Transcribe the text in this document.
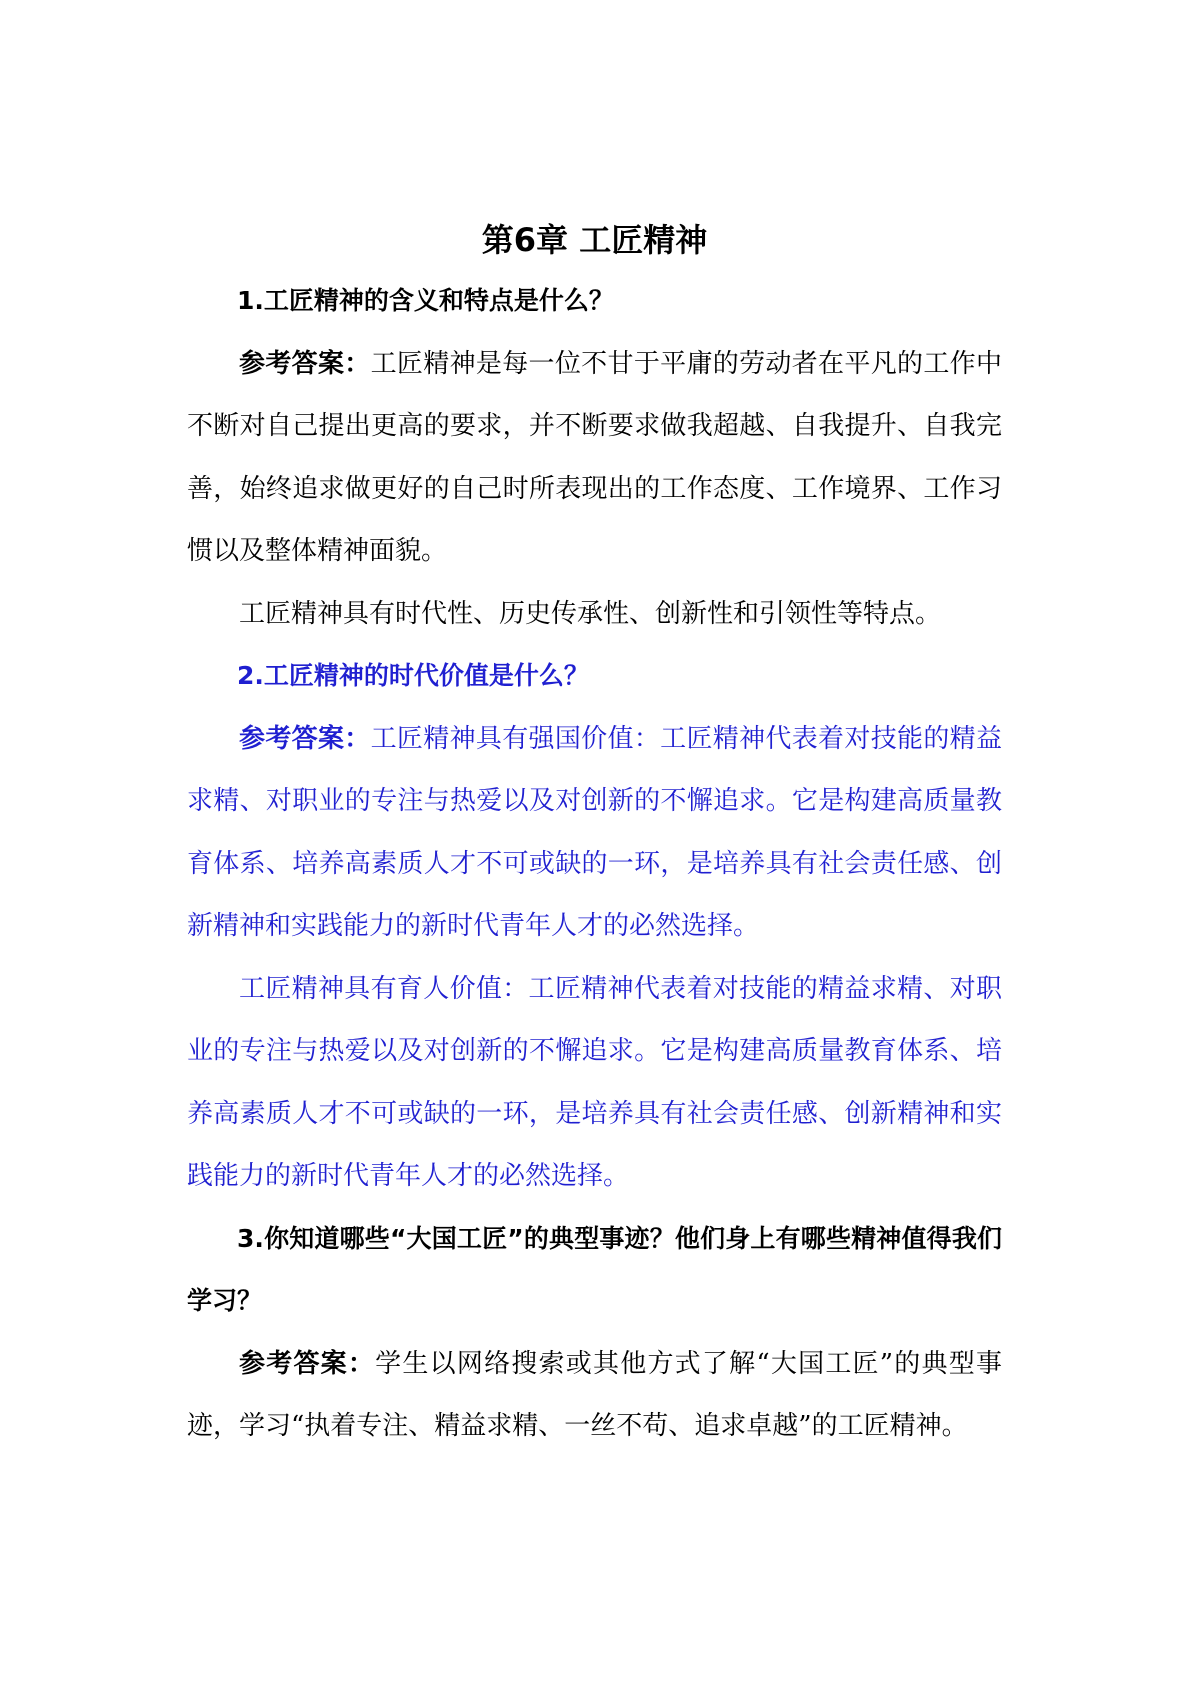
第6章 工匠精神

1.工匠精神的含义和特点是什么？

参考答案：工匠精神是每一位不甘于平庸的劳动者在平凡的工作中不断对自己提出更高的要求，并不断要求做我超越、自我提升、自我完善，始终追求做更好的自己时所表现出的工作态度、工作境界、工作习惯以及整体精神面貌。

工匠精神具有时代性、历史传承性、创新性和引领性等特点。

2.工匠精神的时代价值是什么？

参考答案：工匠精神具有强国价值：工匠精神代表着对技能的精益求精、对职业的专注与热爱以及对创新的不懈追求。它是构建高质量教育体系、培养高素质人才不可或缺的一环，是培养具有社会责任感、创新精神和实践能力的新时代青年人才的必然选择。

工匠精神具有育人价值：工匠精神代表着对技能的精益求精、对职业的专注与热爱以及对创新的不懈追求。它是构建高质量教育体系、培养高素质人才不可或缺的一环，是培养具有社会责任感、创新精神和实践能力的新时代青年人才的必然选择。

3.你知道哪些“大国工匠”的典型事迹？他们身上有哪些精神值得我们学习？

参考答案：学生以网络搜索或其他方式了解“大国工匠”的典型事迹，学习“执着专注、精益求精、一丝不苟、追求卓越”的工匠精神。
